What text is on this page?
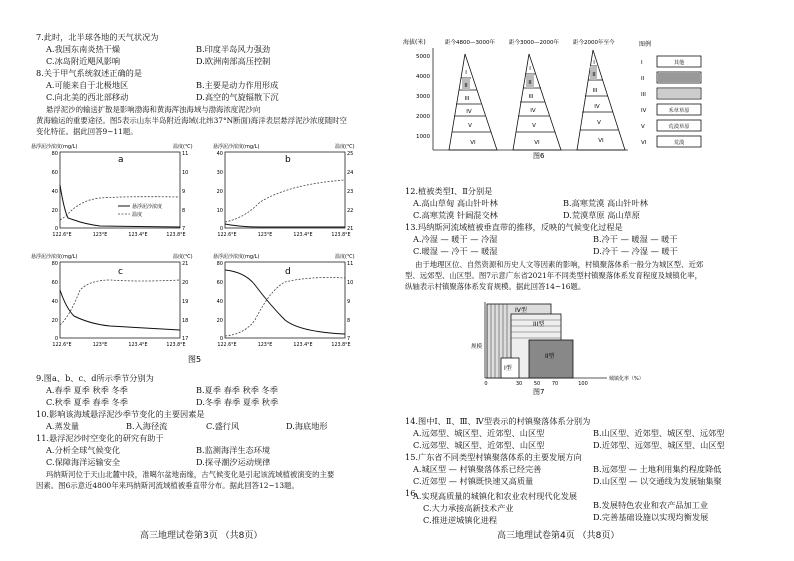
7.此时，北半球各地的天气状况为
A.我国东南炎热干燥	B.印度半岛风力强劲
C.冰岛附近飓风影响	D.欧洲南部高压控制
8.关于甲气系统叙述正确的是
A.可能来自于北极地区	B.主要是动力作用形成
C.向北美的西北部移动	D.高空的气旋辐散下沉
悬浮泥沙的输送扩散是影响渤海和黄海浑浊海域与渤海浓度泥沙向
黄海输运的重要途径。图5表示山东半岛附近海域(北纬37°N断面)海洋表层悬浮泥沙浓度随时空
变化特征。据此回答9~11题。
悬浮泥沙浓度(mg/L)	温度(℃)
a
80
60
40
20
0
11
10
9
8
7
悬浮泥沙浓度
温度
122.6°E	123°E	123.4°E	123.8°E
悬浮泥沙浓度(mg/L)	温度(℃)
b
40
30
20
10
0
25
24
23
22
21
122.6°E	123°E	123.4°E	123.8°E
悬浮泥沙浓度(mg/L)	温度(℃)
c
80
60
40
20
0
21
20
19
18
17
122.6°E	123°E	123.4°E	123.8°E
悬浮泥沙浓度(mg/L)	温度(℃)
d
80
60
40
20
0
11
10
9
8
7
122.6°E	123°E	123.4°E	123.8°E
图5
9.图a、b、c、d所示季节分别为
A.春季 夏季 秋季 冬季	B.夏季 春季 秋季 冬季
C.秋季 夏季 春季 冬季	D.冬季 春季 夏季 秋季
10.影响该海域悬浮泥沙季节变化的主要因素是
A.蒸发量	B.入海径流	C.盛行风	D.海底地形
11.悬浮泥沙时空变化的研究有助于
A.分析全球气候变化	B.监测海洋生态环境
C.保障海洋运输安全	D.探寻潮汐运动规律
玛纳斯河位于天山北麓中段，准噶尔盆地南缘，古气候变化是引起该流域植被演变的主要
因素。图6示意近4800年来玛纳斯河流域植被垂直带分布。据此回答12~13题。
高三地理试卷第3页 （共8页）
海拔(米)
5000
4000
3000
2000
1000
距今4800—3000年	距今3000—2000年	距今2000年至今
I
II
III
IV
V
VI
I
II
III
IV
V
VI
I
II
III
IV
V
VI
图6
图例
I
II
III
IV
V
VI
其他
禾草草原
荒漠草原
荒漠
12.植被类型Ⅰ、Ⅱ分别是
A.高山草甸 高山针叶林	B.高寒荒漠 高山针叶林
C.高寒荒漠 针阔混交林	D.荒漠草原 高山草原
13.玛纳斯河流域植被垂直带的推移，反映的气候变化过程是
A.冷湿 — 暖干 — 冷湿	B.冷干 — 暖湿 — 暖干
C.暖湿 — 冷干 — 暖湿	D.冷干 — 冷湿 — 暖干
由于地理区位、自然资源和历史人文等因素的影响，村镇聚落体系一般分为城区型、近郊
型、远郊型、山区型。图7示意广东省2021年不同类型村镇聚落体系发育程度及城镇化率，
纵轴表示村镇聚落体系发育规模。据此回答14~16题。
规模
IV型
III型
II型
I型
0	30 50 70	100
城镇化率（%）
图7
14.图中Ⅰ、Ⅱ、Ⅲ、Ⅳ型表示的村镇聚落体系分别为
A.远郊型、城区型、近郊型、山区型	B.山区型、近郊型、城区型、远郊型
C.远郊型、城区型、近郊型、山区型	D.近郊型、远郊型、城区型、山区型
15.广东省不同类型村镇聚落体系的主要发展方向
A.城区型 — 村镇聚落体系已经完善	B.远郊型 — 土地利用集约程度降低
C.近郊型 — 村镇既快速又高质量	D.山区型 — 以交通线为发展轴集聚
16.
A.实现高质量的城镇化和农业农村现代化发展
B.发展特色农业和农产品加工业
C.大力承接高新技术产业
D.完善基础设施以实现均衡发展
C.推进逆城镇化进程
高三地理试卷第4页 （共8页）
